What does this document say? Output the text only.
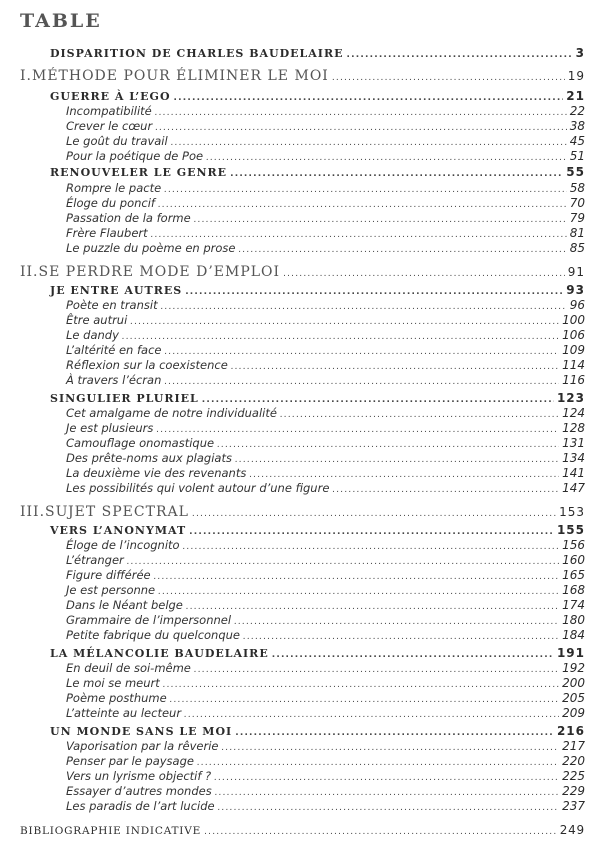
TABLE
DISPARITION DE CHARLES BAUDELAIRE .....	3
I.MÉTHODE POUR ÉLIMINER LE MOI .....	19
GUERRE À L’EGO .....	21
Incompatibilité .....	22
Crever le cœur .....	38
Le goût du travail .....	45
Pour la poétique de Poe .....	51
RENOUVELER LE GENRE .....	55
Rompre le pacte .....	58
Éloge du poncif .....	70
Passation de la forme .....	79
Frère Flaubert .....	81
Le puzzle du poème en prose .....	85
II.SE PERDRE MODE D’EMPLOI .....	91
JE ENTRE AUTRES .....	93
Poète en transit .....	96
Être autrui .....	100
Le dandy .....	106
L’altérité en face .....	109
Réflexion sur la coexistence .....	114
À travers l’écran .....	116
SINGULIER PLURIEL .....	123
Cet amalgame de notre individualité .....	124
Je est plusieurs .....	128
Camouflage onomastique .....	131
Des prête-noms aux plagiats .....	134
La deuxième vie des revenants .....	141
Les possibilités qui volent autour d’une figure .....	147
III.SUJET SPECTRAL .....	153
VERS L’ANONYMAT .....	155
Éloge de l’incognito .....	156
L’étranger .....	160
Figure différée .....	165
Je est personne .....	168
Dans le Néant belge .....	174
Grammaire de l’impersonnel .....	180
Petite fabrique du quelconque .....	184
LA MÉLANCOLIE BAUDELAIRE .....	191
En deuil de soi-même .....	192
Le moi se meurt .....	200
Poème posthume .....	205
L’atteinte au lecteur .....	209
UN MONDE SANS LE MOI .....	216
Vaporisation par la rêverie .....	217
Penser par le paysage .....	220
Vers un lyrisme objectif ? .....	225
Essayer d’autres mondes .....	229
Les paradis de l’art lucide .....	237
BIBLIOGRAPHIE INDICATIVE .....	249
